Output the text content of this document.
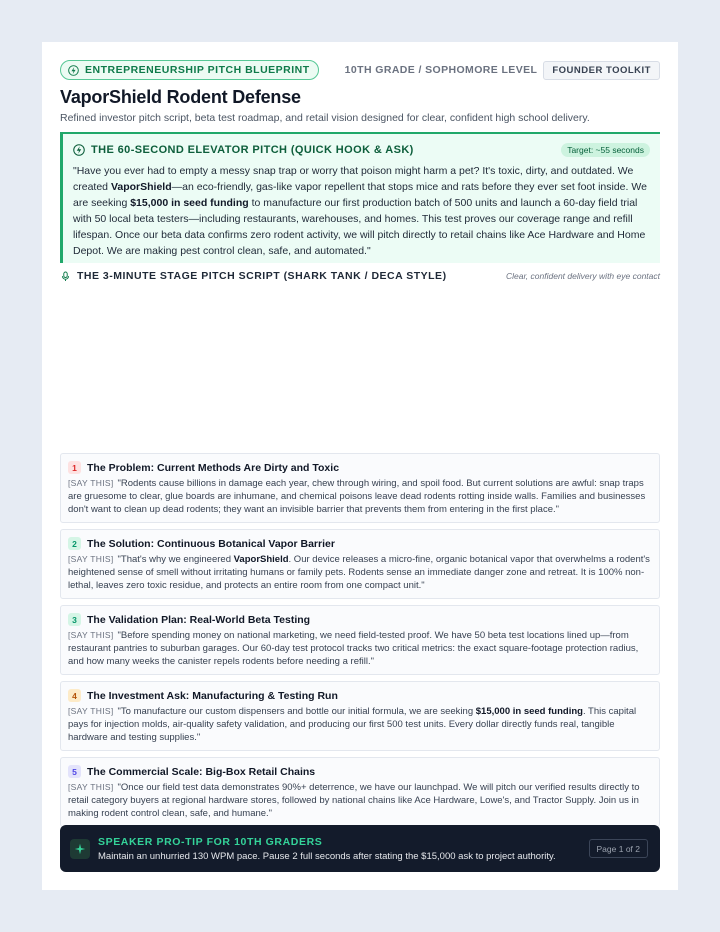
ENTREPRENEURSHIP PITCH BLUEPRINT	10TH GRADE / SOPHOMORE LEVEL	FOUNDER TOOLKIT
VaporShield Rodent Defense
Refined investor pitch script, beta test roadmap, and retail vision designed for clear, confident high school delivery.
THE 60-SECOND ELEVATOR PITCH (QUICK HOOK & ASK)	Target: ~55 seconds

"Have you ever had to empty a messy snap trap or worry that poison might harm a pet? It's toxic, dirty, and outdated. We created VaporShield—an eco-friendly, gas-like vapor repellent that stops mice and rats before they ever set foot inside. We are seeking $15,000 in seed funding to manufacture our first production batch of 500 units and launch a 60-day field trial with 50 local beta testers—including restaurants, warehouses, and homes. This test proves our coverage range and refill lifespan. Once our beta data confirms zero rodent activity, we will pitch directly to retail chains like Ace Hardware and Home Depot. We are making pest control clean, safe, and automated."

THE 3-MINUTE STAGE PITCH SCRIPT (SHARK TANK / DECA STYLE)	Clear, confident delivery with eye contact
1 The Problem: Current Methods Are Dirty and Toxic

[SAY THIS] "Rodents cause billions in damage each year, chew through wiring, and spoil food. But current solutions are awful: snap traps are gruesome to clear, glue boards are inhumane, and chemical poisons leave dead rodents rotting inside walls. Families and businesses don't want to clean up dead rodents; they want an invisible barrier that prevents them from entering in the first place."

2 The Solution: Continuous Botanical Vapor Barrier

[SAY THIS] "That's why we engineered VaporShield. Our device releases a micro-fine, organic botanical vapor that overwhelms a rodent's heightened sense of smell without irritating humans or family pets. Rodents sense an immediate danger zone and retreat. It is 100% non-lethal, leaves zero toxic residue, and protects an entire room from one compact unit."

3 The Validation Plan: Real-World Beta Testing

[SAY THIS] "Before spending money on national marketing, we need field-tested proof. We have 50 beta test locations lined up—from restaurant pantries to suburban garages. Our 60-day test protocol tracks two critical metrics: the exact square-footage protection radius, and how many weeks the canister repels rodents before needing a refill."

4 The Investment Ask: Manufacturing & Testing Run

[SAY THIS] "To manufacture our custom dispensers and bottle our initial formula, we are seeking $15,000 in seed funding. This capital pays for injection molds, air-quality safety validation, and producing our first 500 test units. Every dollar directly funds real, tangible hardware and testing supplies."

5 The Commercial Scale: Big-Box Retail Chains

[SAY THIS] "Once our field test data demonstrates 90%+ deterrence, we have our launchpad. We will pitch our verified results directly to retail category buyers at regional hardware stores, followed by national chains like Ace Hardware, Lowe's, and Tractor Supply. Join us in making rodent control clean, safe, and humane."

SPEAKER PRO-TIP FOR 10TH GRADERS
Maintain an unhurried 130 WPM pace. Pause 2 full seconds after stating the $15,000 ask to project authority.
Page 1 of 2
